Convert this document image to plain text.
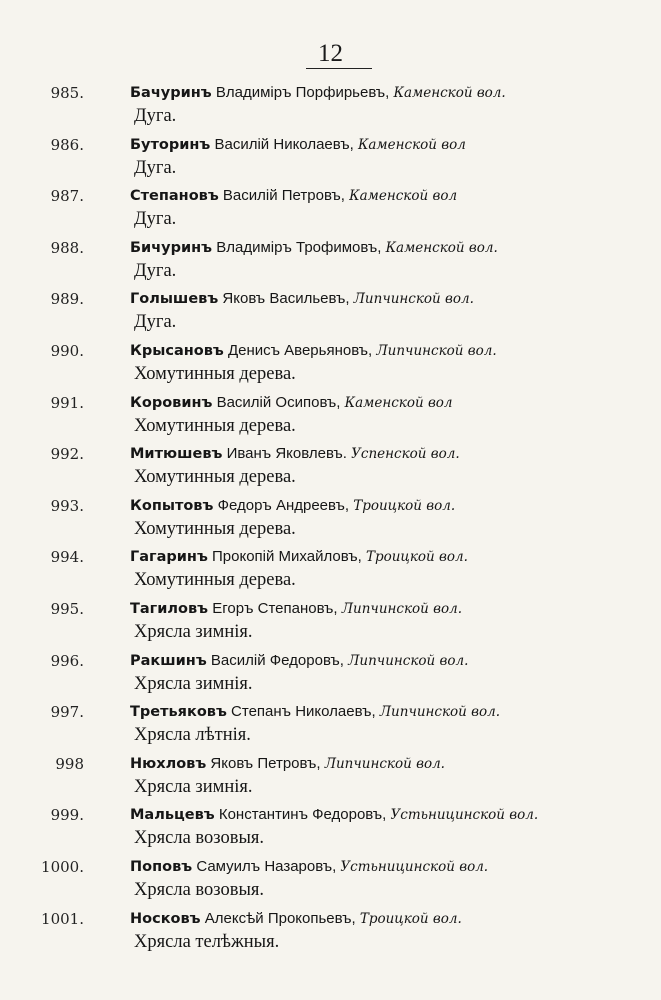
12
985.	Бачуринъ Владиміръ Порфирьевъ, Каменской вол.
Дуга.
986.	Буторинъ Василій Николаевъ, Каменской вол
Дуга.
987.	Степановъ Василій Петровъ, Каменской вол
Дуга.
988.	Бичуринъ Владиміръ Трофимовъ, Каменской вол.
Дуга.
989.	Голышевъ Яковъ Васильевъ, Липчинской вол.
Дуга.
990.	Крысановъ Денисъ Аверьяновъ, Липчинской вол.
Хомутинныя дерева.
991.	Коровинъ Василій Осиповъ, Каменской вол
Хомутинныя дерева.
992.	Митюшевъ Иванъ Яковлевъ. Успенской вол.
Хомутинныя дерева.
993.	Копытовъ Федоръ Андреевъ, Троицкой вол.
Хомутинныя дерева.
994.	Гагаринъ Прокопій Михайловъ, Троицкой вол.
Хомутинныя дерева.
995.	Тагиловъ Егоръ Степановъ, Липчинской вол.
Хрясла зимнія.
996.	Ракшинъ Василій Федоровъ, Липчинской вол.
Хрясла зимнія.
997.	Третьяковъ Степанъ Николаевъ, Липчинской вол.
Хрясла лѣтнія.
998	Нюхловъ Яковъ Петровъ, Липчинской вол.
Хрясла зимнія.
999.	Мальцевъ Константинъ Федоровъ, Устьницинской вол.
Хрясла возовыя.
1000.	Поповъ Самуилъ Назаровъ, Устьницинской вол.
Хрясла возовыя.
1001.	Носковъ Алексѣй Прокопьевъ, Троицкой вол.
Хрясла телѣжныя.
